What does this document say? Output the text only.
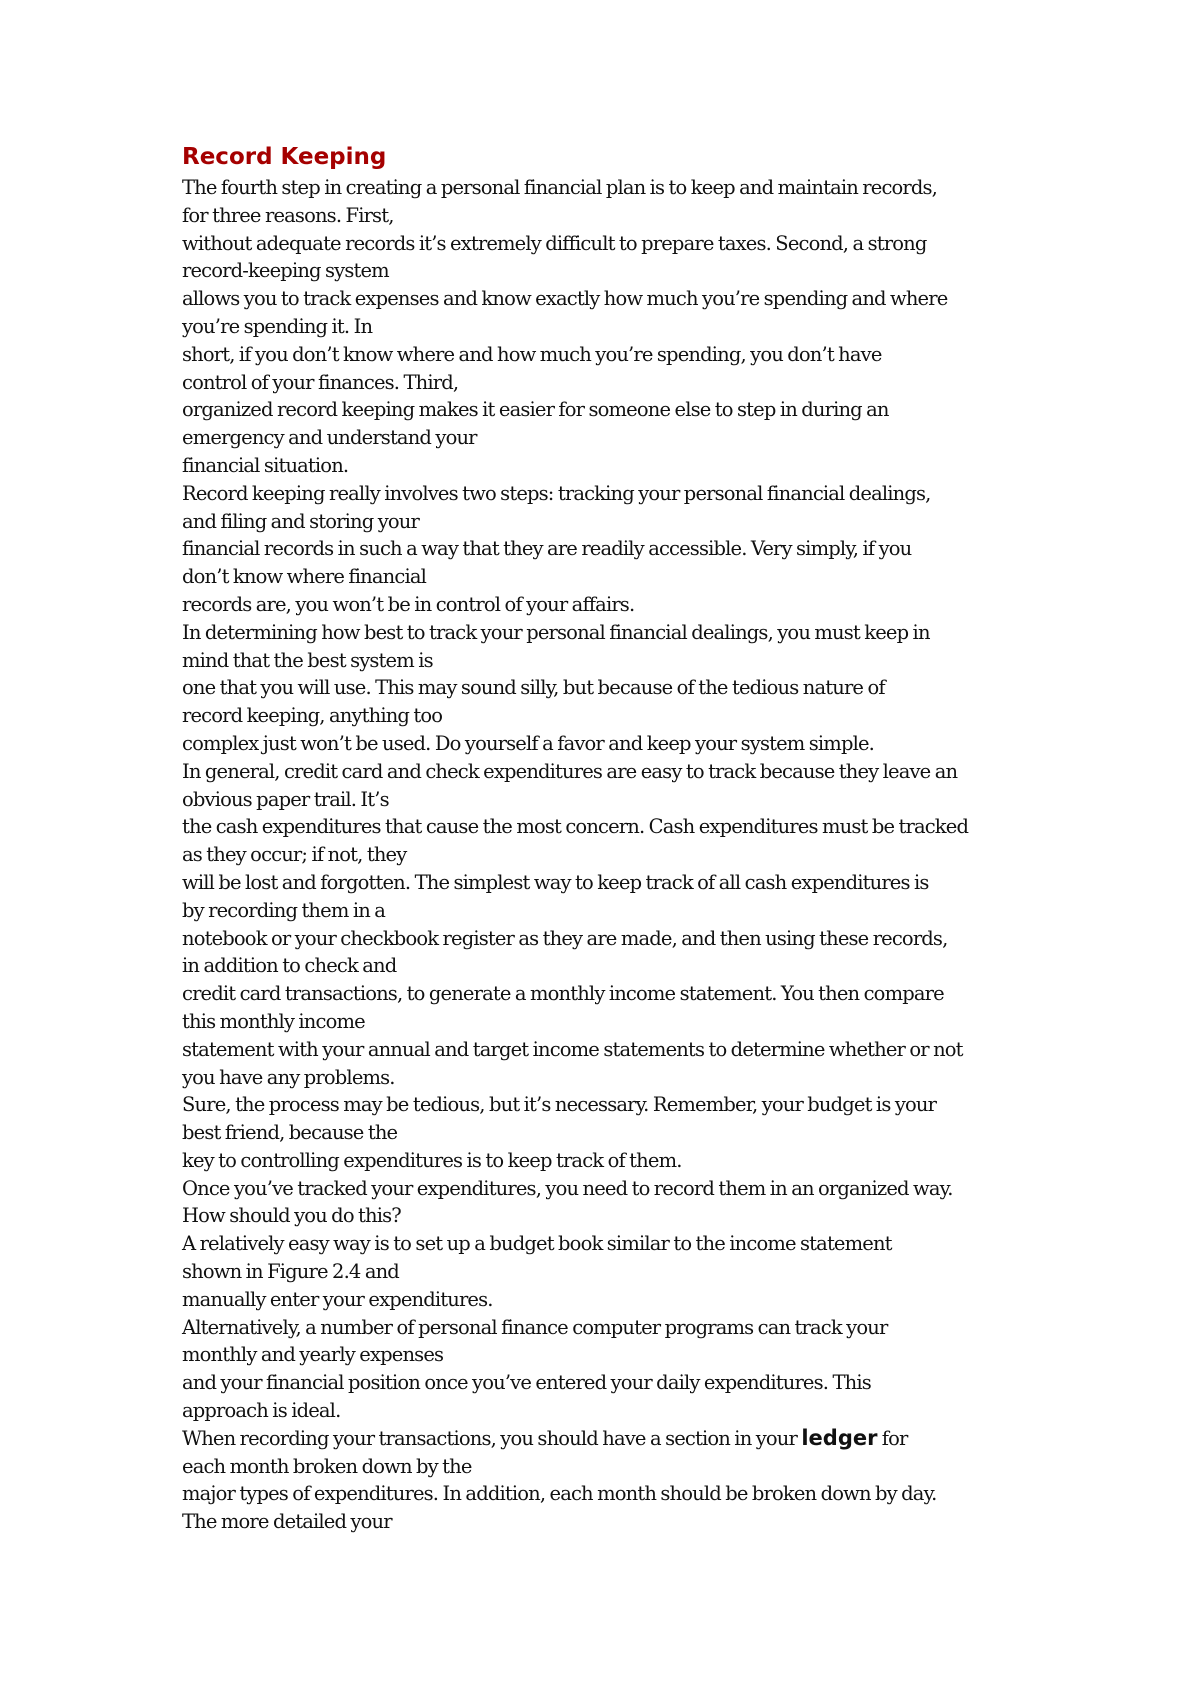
Record Keeping

The fourth step in creating a personal financial plan is to keep and maintain records,

for three reasons. First,

without adequate records it’s extremely difficult to prepare taxes. Second, a strong

record-keeping system

allows you to track expenses and know exactly how much you’re spending and where

you’re spending it. In

short, if you don’t know where and how much you’re spending, you don’t have

control of your finances. Third,

organized record keeping makes it easier for someone else to step in during an

emergency and understand your

financial situation.

Record keeping really involves two steps: tracking your personal financial dealings,

and filing and storing your

financial records in such a way that they are readily accessible. Very simply, if you

don’t know where financial

records are, you won’t be in control of your affairs.

In determining how best to track your personal financial dealings, you must keep in

mind that the best system is

one that you will use. This may sound silly, but because of the tedious nature of

record keeping, anything too

complex just won’t be used. Do yourself a favor and keep your system simple.

In general, credit card and check expenditures are easy to track because they leave an

obvious paper trail. It’s

the cash expenditures that cause the most concern. Cash expenditures must be tracked

as they occur; if not, they

will be lost and forgotten. The simplest way to keep track of all cash expenditures is

by recording them in a

notebook or your checkbook register as they are made, and then using these records,

in addition to check and

credit card transactions, to generate a monthly income statement. You then compare

this monthly income

statement with your annual and target income statements to determine whether or not

you have any problems.

Sure, the process may be tedious, but it’s necessary. Remember, your budget is your

best friend, because the

key to controlling expenditures is to keep track of them.

Once you’ve tracked your expenditures, you need to record them in an organized way.

How should you do this?

A relatively easy way is to set up a budget book similar to the income statement

shown in Figure 2.4 and

manually enter your expenditures.

Alternatively, a number of personal finance computer programs can track your

monthly and yearly expenses

and your financial position once you’ve entered your daily expenditures. This

approach is ideal.

When recording your transactions, you should have a section in your ledger for

each month broken down by the

major types of expenditures. In addition, each month should be broken down by day.

The more detailed your
